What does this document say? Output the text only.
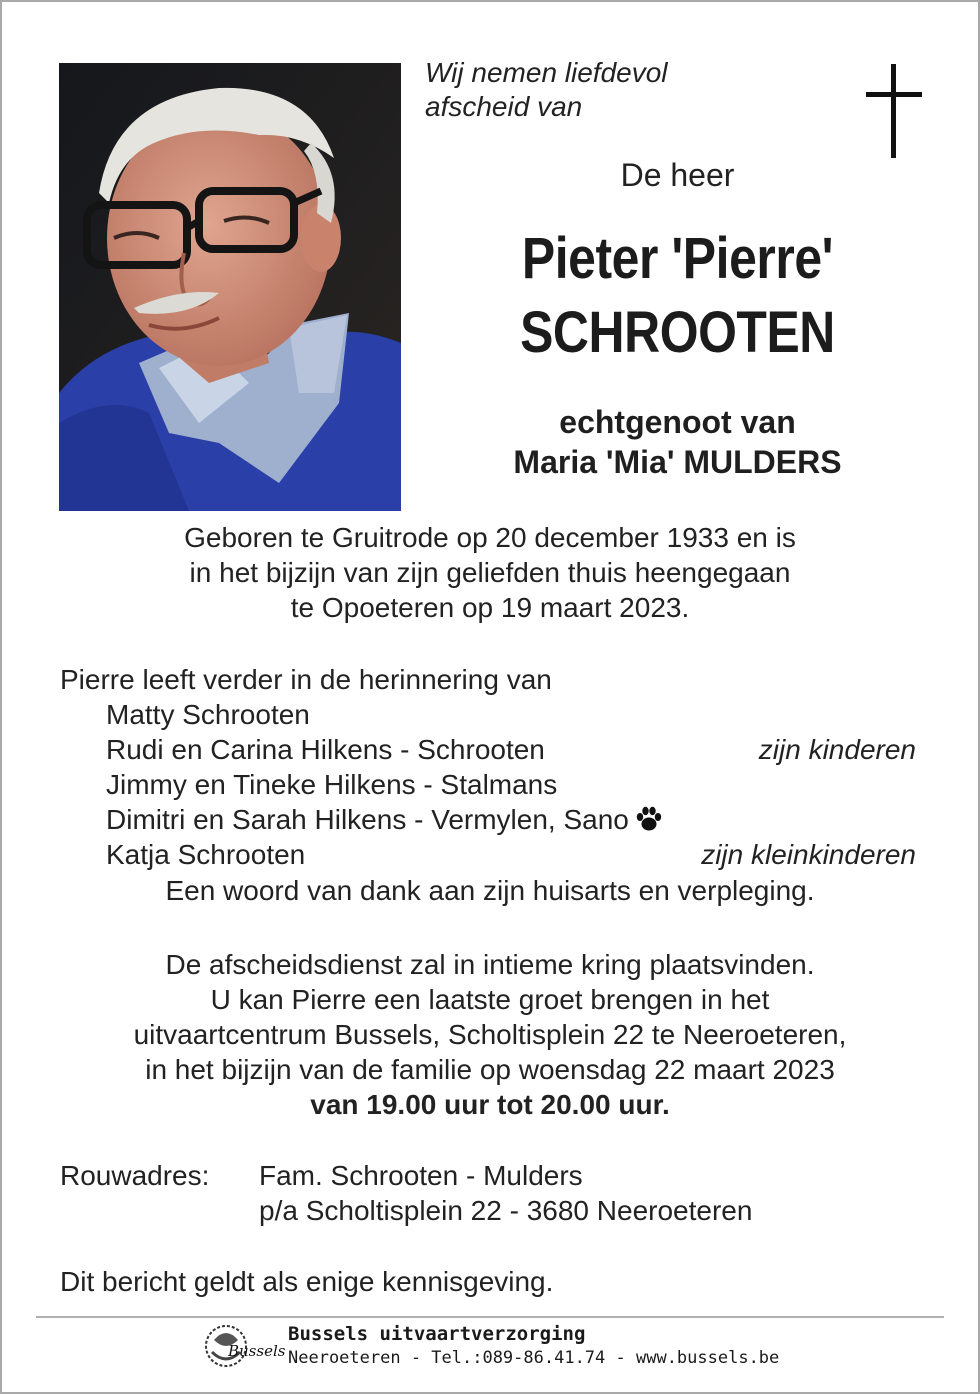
Wij nemen liefdevol
afscheid van
De heer
Pieter 'Pierre'
SCHROOTEN
echtgenoot van
Maria 'Mia' MULDERS
Geboren te Gruitrode op 20 december 1933 en is
in het bijzijn van zijn geliefden thuis heengegaan
te Opoeteren op 19 maart 2023.
Pierre leeft verder in de herinnering van
Matty Schrooten
Rudi en Carina Hilkens - Schrooten	zijn kinderen
Jimmy en Tineke Hilkens - Stalmans
Dimitri en Sarah Hilkens - Vermylen, Sano
Katja Schrooten	zijn kleinkinderen
Een woord van dank aan zijn huisarts en verpleging.
De afscheidsdienst zal in intieme kring plaatsvinden.
U kan Pierre een laatste groet brengen in het
uitvaartcentrum Bussels, Scholtisplein 22 te Neeroeteren,
in het bijzijn van de familie op woensdag 22 maart 2023
van 19.00 uur tot 20.00 uur.
Rouwadres: Fam. Schrooten - Mulders
p/a Scholtisplein 22 - 3680 Neeroeteren
Dit bericht geldt als enige kennisgeving.
Bussels
Bussels uitvaartverzorging
Neeroeteren - Tel.:089-86.41.74 - www.bussels.be
